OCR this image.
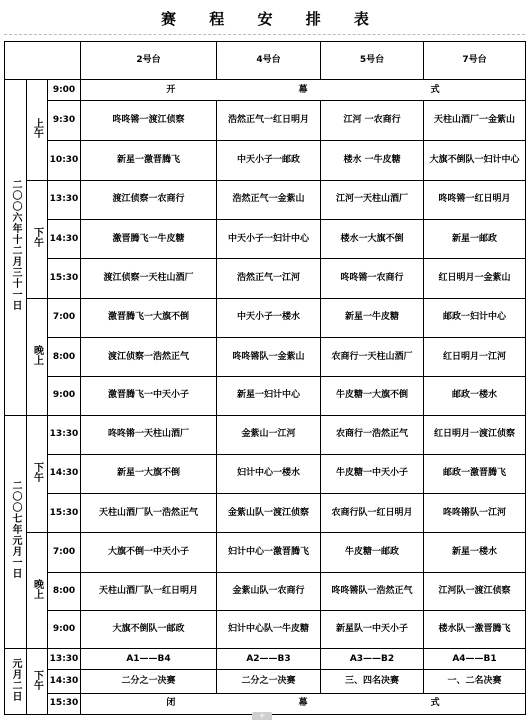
赛 程 安 排 表
			2号台	4号台	5号台	7号台
二〇〇六年十二月三十一日	上午	9:00	开 幕 式			
		9:30	咚咚锵一渡江侦察	浩然正气一红日明月	江河 一农商行	天柱山酒厂一金紫山
		10:30	新星一激晋腾飞	中天小子一邮政	楼水 一牛皮糖	大旗不倒队一妇计中心
	下午	13:30	渡江侦察一农商行	浩然正气一金紫山	江河一天柱山酒厂	咚咚锵一红日明月
		14:30	激晋腾飞一牛皮糖	中天小子一妇计中心	楼水一大旗不倒	新星一邮政
		15:30	渡江侦察一天柱山酒厂	浩然正气一江河	咚咚锵一农商行	红日明月一金紫山
	晚上	7:00	激晋腾飞一大旗不倒	中天小子一楼水	新星一牛皮糖	邮政一妇计中心
		8:00	渡江侦察一浩然正气	咚咚锵队一金紫山	农商行一天柱山酒厂	红日明月一江河
		9:00	激晋腾飞一中天小子	新星一妇计中心	牛皮糖一大旗不倒	邮政一楼水
二〇〇七年元月一日	下午	13:30	咚咚锵一天柱山酒厂	金紫山一江河	农商行一浩然正气	红日明月一渡江侦察
		14:30	新星一大旗不倒	妇计中心一楼水	牛皮糖一中天小子	邮政一激晋腾飞
		15:30	天柱山酒厂队一浩然正气	金紫山队一渡江侦察	农商行队一红日明月	咚咚锵队一江河
	晚上	7:00	大旗不倒一中天小子	妇计中心一激晋腾飞	牛皮糖一邮政	新星一楼水
		8:00	天柱山酒厂队一红日明月	金紫山队一农商行	咚咚锵队一浩然正气	江河队一渡江侦察
		9:00	大旗不倒队一邮政	妇计中心队一牛皮糖	新星队一中天小子	楼水队一激晋腾飞
元月二日	下午	13:30	A1——B4	A2——B3	A3——B2	A4——B1
		14:30	二分之一决赛	二分之一决赛	三、四名决赛	一、二名决赛
		15:30	闭 幕 式			
+
